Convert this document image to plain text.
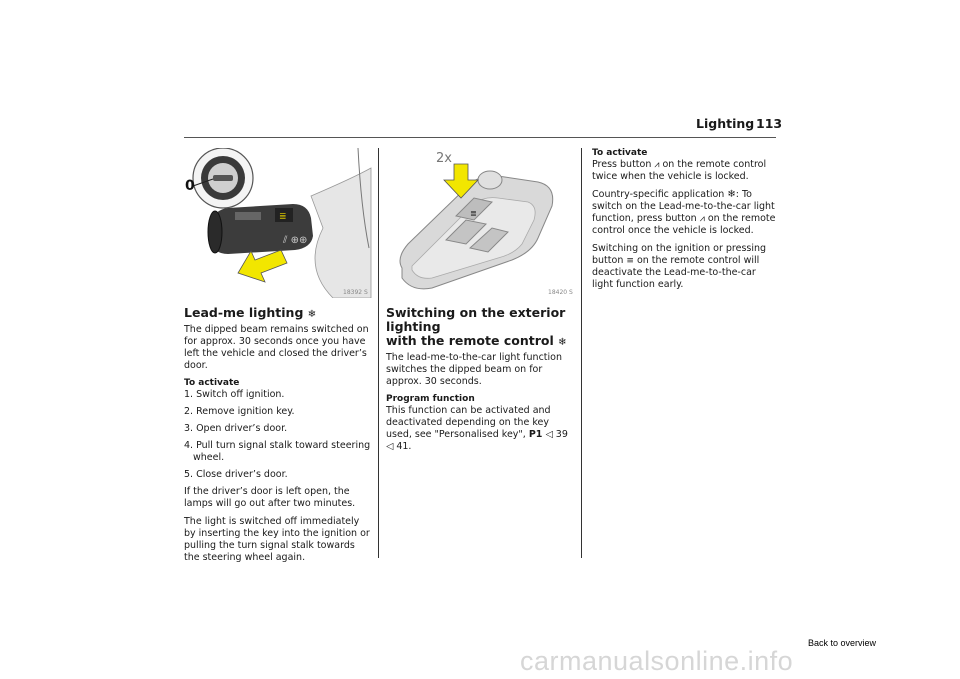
Lighting 113
0
≣
⫽ ⊕⊕
18392 S
2x
≣
18420 S
Lead-me lighting ❄

The dipped beam remains switched on for approx. 30 seconds once you have left the vehicle and closed the driver’s door.

To activate
1. Switch off ignition.
2. Remove ignition key.
3. Open driver’s door.
4. Pull turn signal stalk toward steering wheel.
5. Close driver’s door.

If the driver’s door is left open, the lamps will go out after two minutes.

The light is switched off immediately by inserting the key into the ignition or pulling the turn signal stalk towards the steering wheel again.

Switching on the exterior lighting
with the remote control ❄

The lead-me-to-the-car light function switches the dipped beam on for approx. 30 seconds.

Program function

This function can be activated and deactivated depending on the key used, see "Personalised key", P1 ◁ 39 ◁ 41.

To activate

Press button ⩘ on the remote control twice when the vehicle is locked.

Country-specific application ❄: To switch on the Lead-me-to-the-car light function, press button ⩘ on the remote control once the vehicle is locked.

Switching on the ignition or pressing button ≡ on the remote control will deactivate the Lead-me-to-the-car light function early.

Back to overview
carmanualsonline.info
